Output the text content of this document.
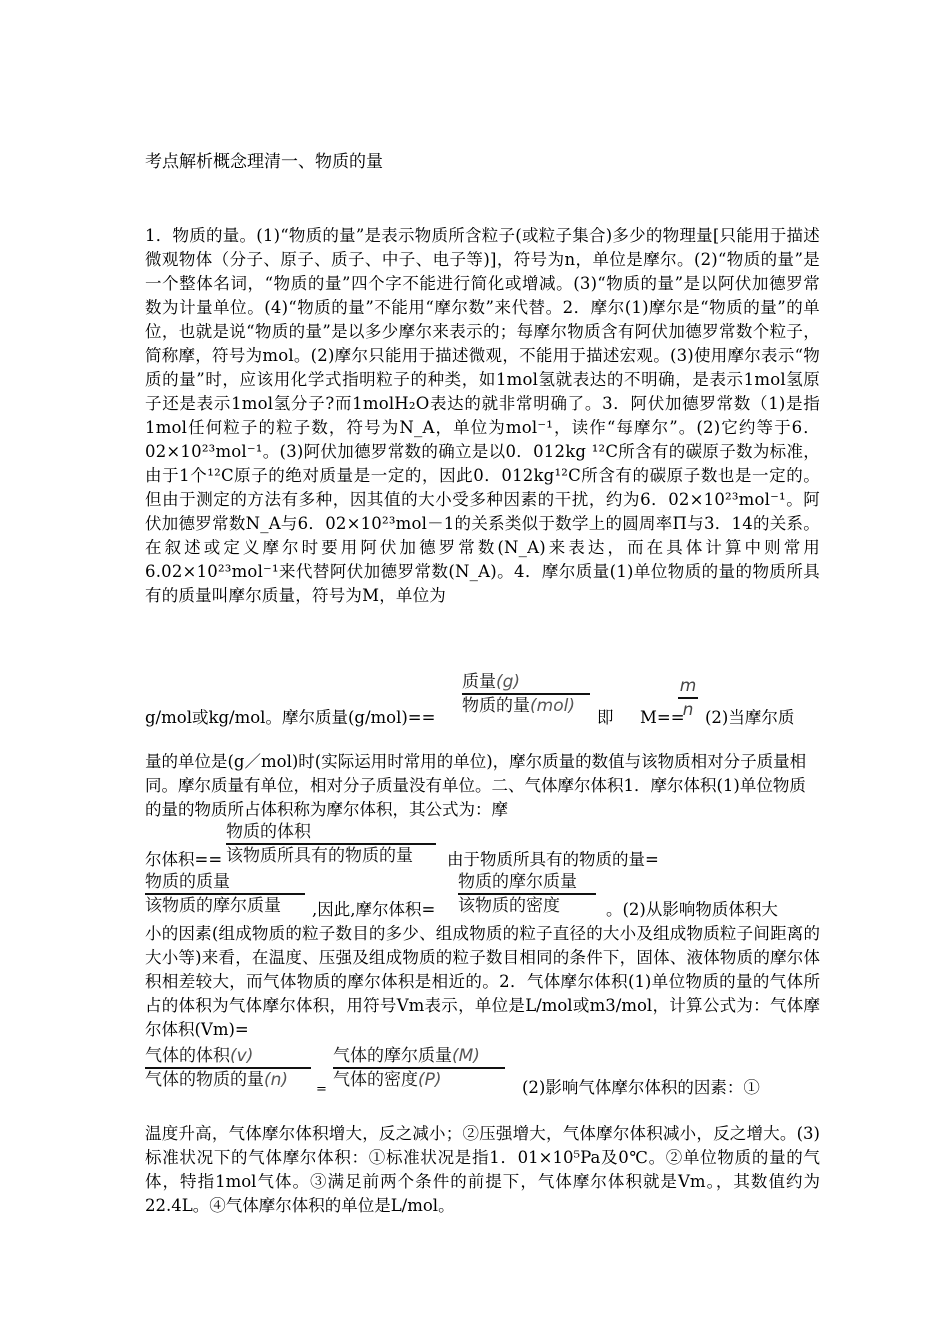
考点解析概念理清一、物质的量
1．物质的量。(1)“物质的量”是表示物质所含粒子(或粒子集合)多少的物理量[只能用于描述微观物体（分子、原子、质子、中子、电子等)]，符号为n，单位是摩尔。(2)“物质的量”是一个整体名词，“物质的量”四个字不能进行简化或增减。(3)“物质的量”是以阿伏加德罗常数为计量单位。(4)“物质的量”不能用“摩尔数”来代替。2．摩尔(1)摩尔是“物质的量”的单位，也就是说“物质的量”是以多少摩尔来表示的；每摩尔物质含有阿伏加德罗常数个粒子，简称摩，符号为mol。(2)摩尔只能用于描述微观，不能用于描述宏观。(3)使用摩尔表示“物质的量”时，应该用化学式指明粒子的种类，如1mol氢就表达的不明确，是表示1mol氢原子还是表示1mol氢分子?而1molH₂O表达的就非常明确了。3．阿伏加德罗常数（1)是指1mol任何粒子的粒子数，符号为N_A，单位为mol⁻¹，读作“每摩尔”。(2)它约等于6．02×10²³mol⁻¹。(3)阿伏加德罗常数的确立是以0．012kg ¹²C所含有的碳原子数为标准，由于1个¹²C原子的绝对质量是一定的，因此0．012kg¹²C所含有的碳原子数也是一定的。但由于测定的方法有多种，因其值的大小受多种因素的干扰，约为6．02×10²³mol⁻¹。阿伏加德罗常数N_A与6．02×10²³mol－1的关系类似于数学上的圆周率Π与3．14的关系。在叙述或定义摩尔时要用阿伏加德罗常数(N_A)来表达，而在具体计算中则常用6.02×10²³mol⁻¹来代替阿伏加德罗常数(N_A)。4．摩尔质量(1)单位物质的量的物质所具有的质量叫摩尔质量，符号为M，单位为
g/mol或kg/mol。摩尔质量(g/mol)==
质量(g)
物质的量(mol)
即 M==
m
n (2)当摩尔质
量的单位是(g／mol)时(实际运用时常用的单位)，摩尔质量的数值与该物质相对分子质量相同。摩尔质量有单位，相对分子质量没有单位。二、气体摩尔体积1．摩尔体积(1)单位物质的量的物质所占体积称为摩尔体积，其公式为：摩
物质的体积
该物质所具有的物质的量
尔体积==	由于物质所具有的物质的量=
物质的质量
该物质的摩尔质量	,因此,摩尔体积=
物质的摩尔质量
该物质的密度	。(2)从影响物质体积大
小的因素(组成物质的粒子数目的多少、组成物质的粒子直径的大小及组成物质粒子间距离的大小等)来看，在温度、压强及组成物质的粒子数目相同的条件下，固体、液体物质的摩尔体积相差较大，而气体物质的摩尔体积是相近的。2．气体摩尔体积(1)单位物质的量的气体所占的体积为气体摩尔体积，用符号Vm表示，单位是L/mol或m3/mol，计算公式为：气体摩尔体积(Vm)=
气体的体积(v)
气体的物质的量(n)	=
气体的摩尔质量(M)
气体的密度(P)	(2)影响气体摩尔体积的因素：①
温度升高，气体摩尔体积增大，反之减小；②压强增大，气体摩尔体积减小，反之增大。(3)标准状况下的气体摩尔体积：①标准状况是指1．01×10⁵Pa及0℃。②单位物质的量的气体，特指1mol气体。③满足前两个条件的前提下，气体摩尔体积就是Vm。，其数值约为22.4L。④气体摩尔体积的单位是L/mol。
